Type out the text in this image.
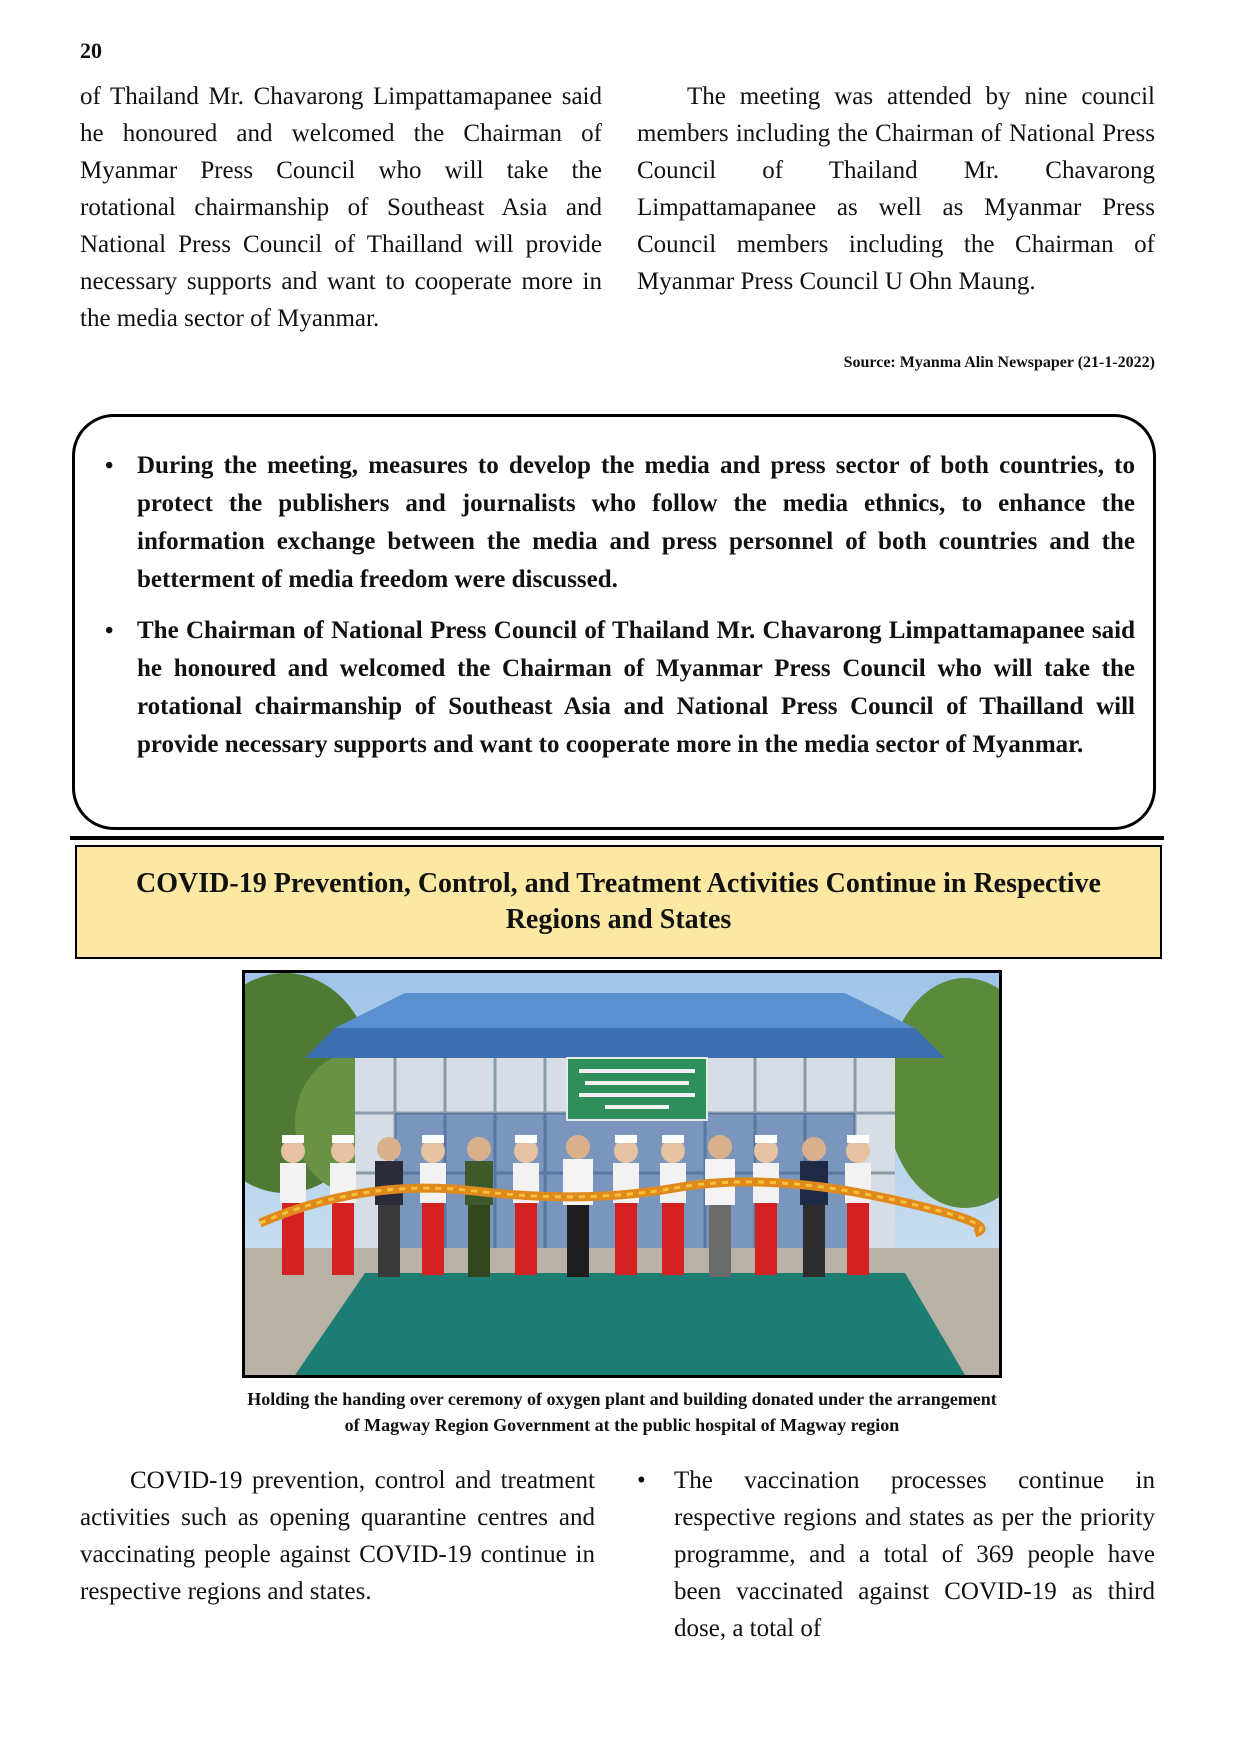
20

of Thailand Mr. Chavarong Limpattamapanee said he honoured and welcomed the Chairman of Myanmar Press Council who will take the rotational chairmanship of Southeast Asia and National Press Council of Thailland will provide necessary supports and want to cooperate more in the media sector of Myanmar.

The meeting was attended by nine council members including the Chairman of National Press Council of Thailand Mr. Chavarong Limpattamapanee as well as Myanmar Press Council members including the Chairman of Myanmar Press Council U Ohn Maung.

Source: Myanma Alin Newspaper (21-1-2022)
• During the meeting, measures to develop the media and press sector of both countries, to protect the publishers and journalists who follow the media ethnics, to enhance the information exchange between the media and press personnel of both countries and the betterment of media freedom were discussed.
• The Chairman of National Press Council of Thailand Mr. Chavarong Limpattamapanee said he honoured and welcomed the Chairman of Myanmar Press Council who will take the rotational chairmanship of Southeast Asia and National Press Council of Thailland will provide necessary supports and want to cooperate more in the media sector of Myanmar.
COVID-19 Prevention, Control, and Treatment Activities Continue in Respective Regions and States
Holding the handing over ceremony of oxygen plant and building donated under the arrangement of Magway Region Government at the public hospital of Magway region

COVID-19 prevention, control and treatment activities such as opening quarantine centres and vaccinating people against COVID-19 continue in respective regions and states.

• The vaccination processes continue in respective regions and states as per the priority programme, and a total of 369 people have been vaccinated against COVID-19 as third dose, a total of
